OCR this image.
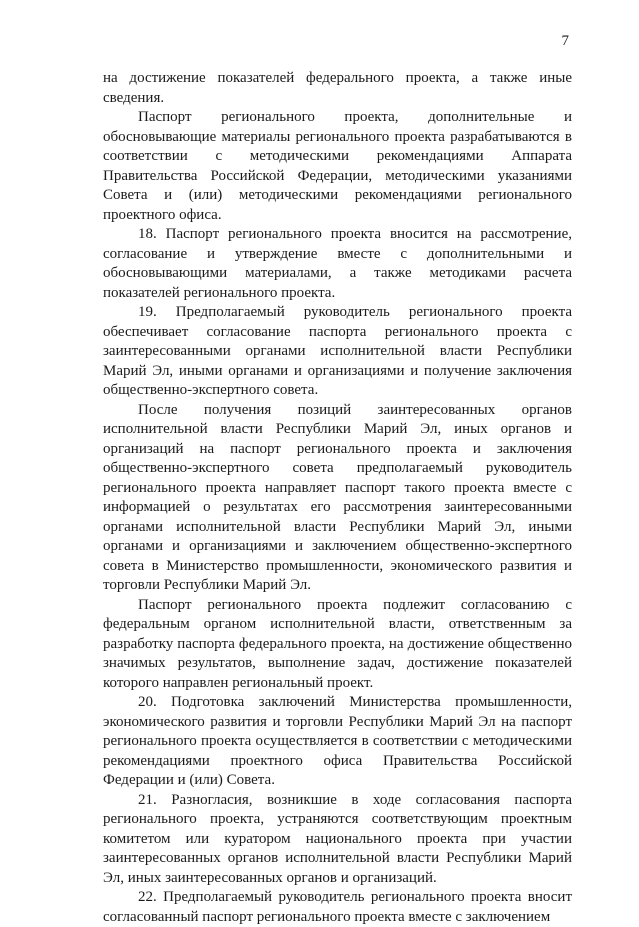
7

на достижение показателей федерального проекта, а также иные сведения.

Паспорт регионального проекта, дополнительные и обосновывающие материалы регионального проекта разрабатываются в соответствии с методическими рекомендациями Аппарата Правительства Российской Федерации, методическими указаниями Совета и (или) методическими рекомендациями регионального проектного офиса.

18. Паспорт регионального проекта вносится на рассмотрение, согласование и утверждение вместе с дополнительными и обосновывающими материалами, а также методиками расчета показателей регионального проекта.

19. Предполагаемый руководитель регионального проекта обеспечивает согласование паспорта регионального проекта с заинтересованными органами исполнительной власти Республики Марий Эл, иными органами и организациями и получение заключения общественно-экспертного совета.

После получения позиций заинтересованных органов исполнительной власти Республики Марий Эл, иных органов и организаций на паспорт регионального проекта и заключения общественно-экспертного совета предполагаемый руководитель регионального проекта направляет паспорт такого проекта вместе с информацией о результатах его рассмотрения заинтересованными органами исполнительной власти Республики Марий Эл, иными органами и организациями и заключением общественно-экспертного совета в Министерство промышленности, экономического развития и торговли Республики Марий Эл.

Паспорт регионального проекта подлежит согласованию с федеральным органом исполнительной власти, ответственным за разработку паспорта федерального проекта, на достижение общественно значимых результатов, выполнение задач, достижение показателей которого направлен региональный проект.

20. Подготовка заключений Министерства промышленности, экономического развития и торговли Республики Марий Эл на паспорт регионального проекта осуществляется в соответствии с методическими рекомендациями проектного офиса Правительства Российской Федерации и (или) Совета.

21. Разногласия, возникшие в ходе согласования паспорта регионального проекта, устраняются соответствующим проектным комитетом или куратором национального проекта при участии заинтересованных органов исполнительной власти Республики Марий Эл, иных заинтересованных органов и организаций.

22. Предполагаемый руководитель регионального проекта вносит согласованный паспорт регионального проекта вместе с заключением
